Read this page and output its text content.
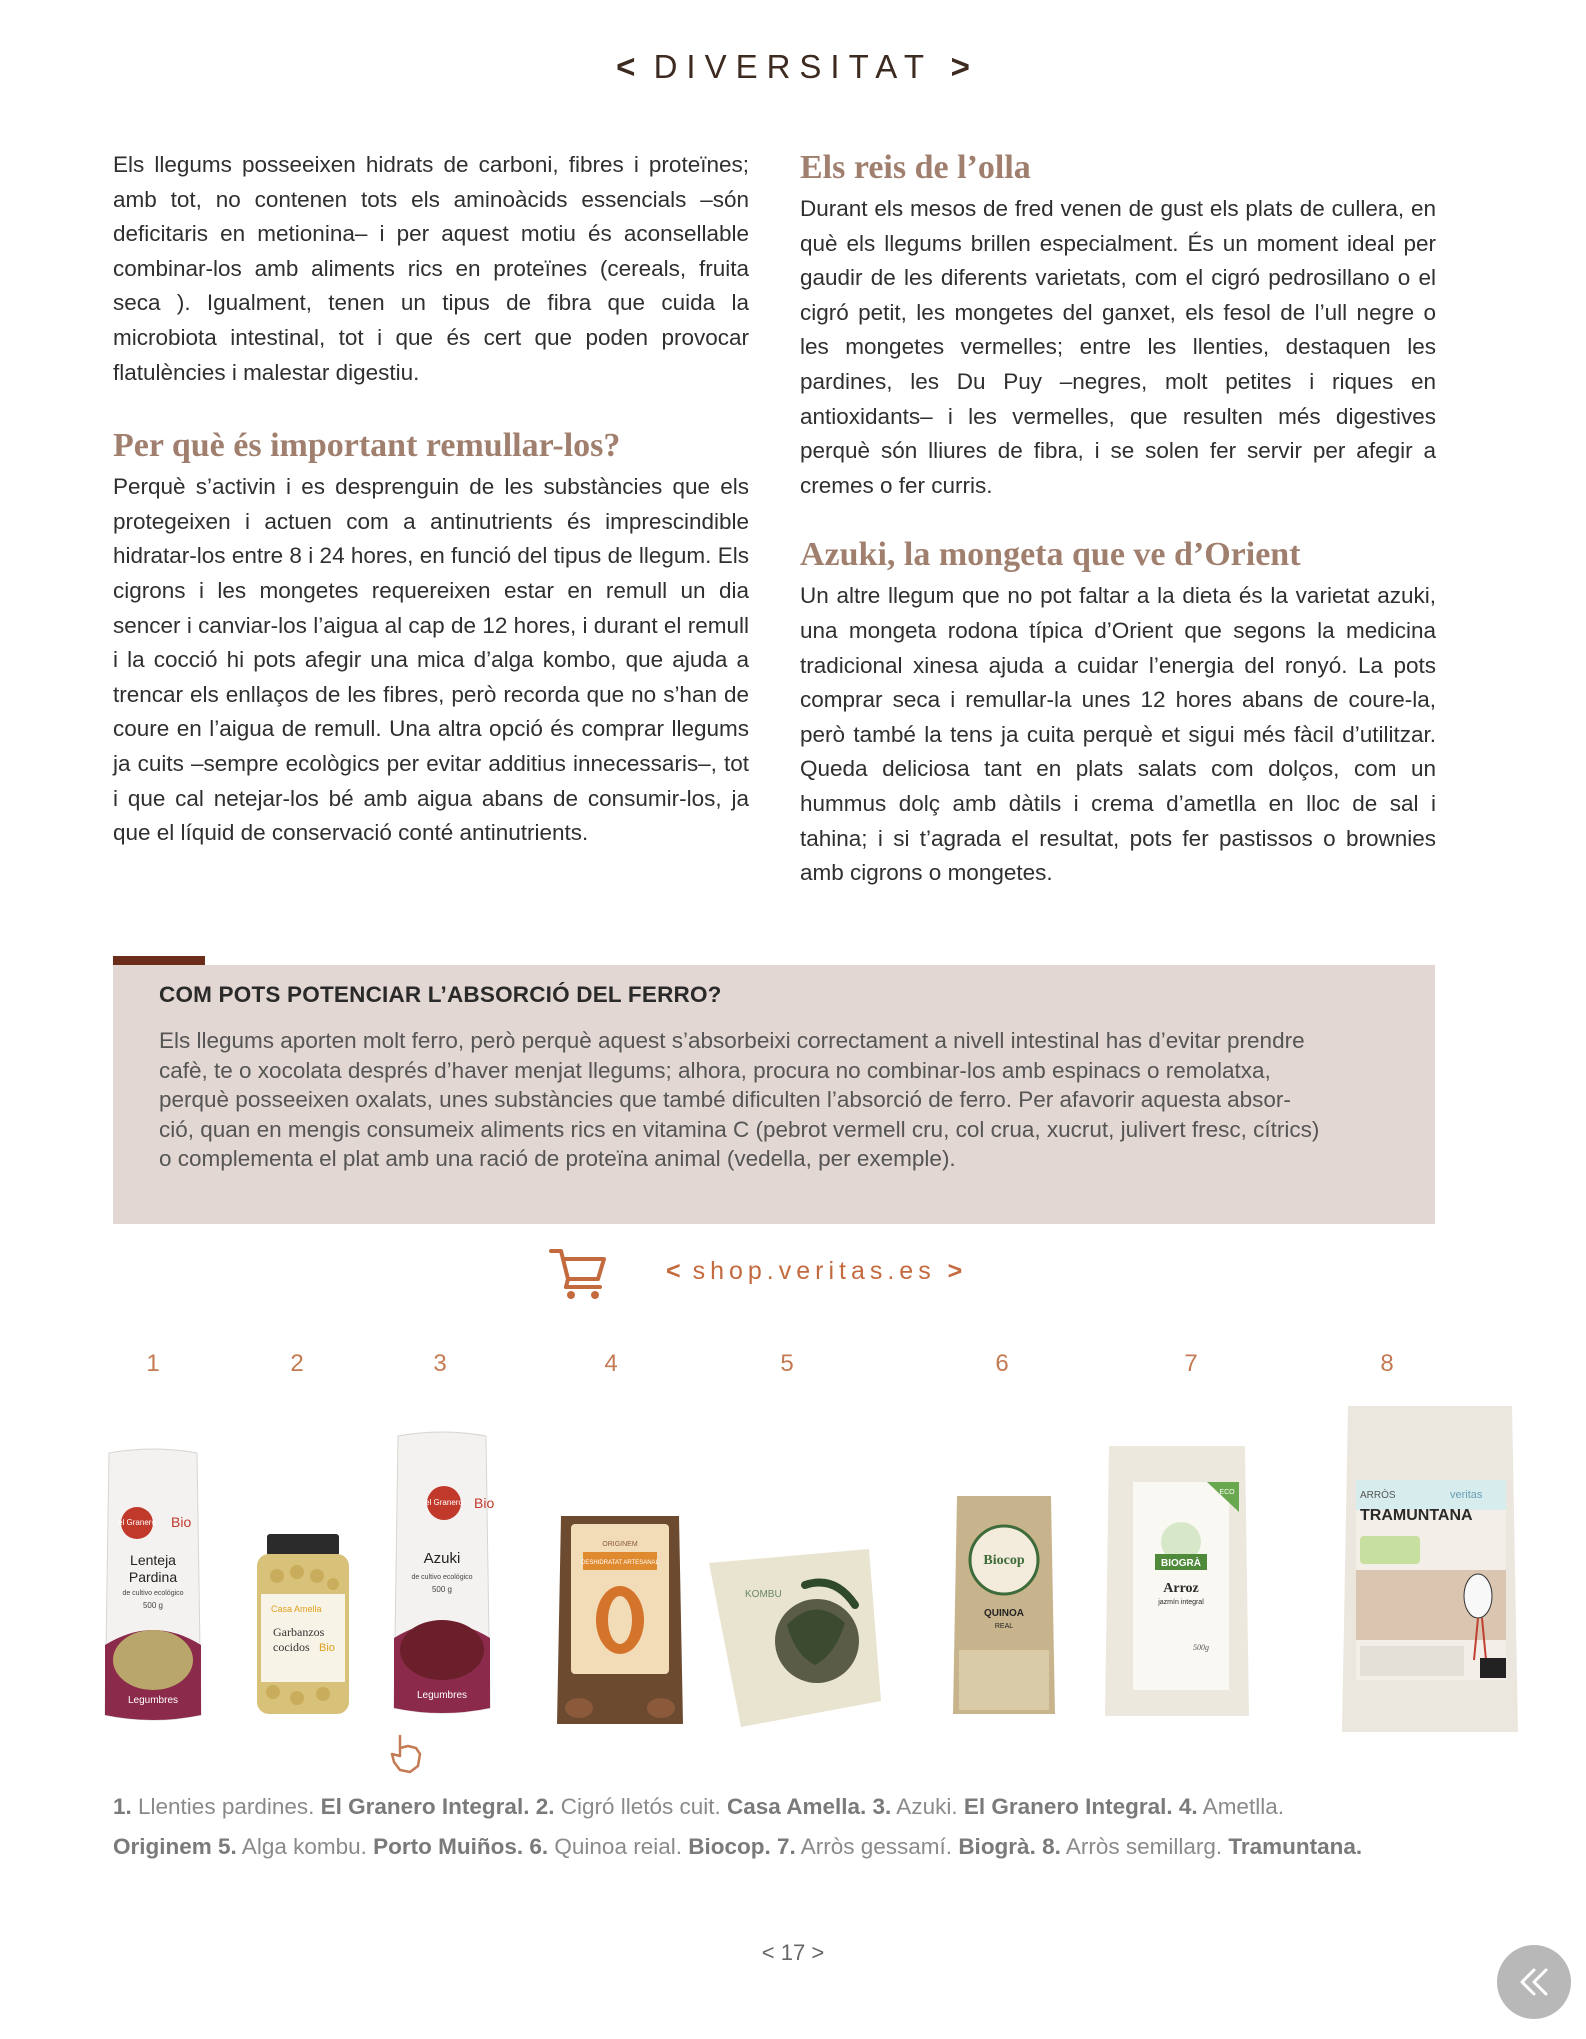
< DIVERSITAT >

Els llegums posseeixen hidrats de carboni, fibres i proteïnes; amb tot, no contenen tots els aminoàcids essencials –són deficitaris en metionina– i per aquest motiu és aconsellable combinar-los amb aliments rics en proteïnes (cereals, fruita seca ). Igualment, tenen un tipus de fibra que cuida la microbiota intestinal, tot i que és cert que poden provocar flatulències i malestar digestiu.

Per què és important remullar-los?

Perquè s’activin i es desprenguin de les substàncies que els protegeixen i actuen com a antinutrients és imprescindible hidratar-los entre 8 i 24 hores, en funció del tipus de llegum. Els cigrons i les mongetes requereixen estar en remull un dia sencer i canviar-los l’aigua al cap de 12 hores, i durant el remull i la cocció hi pots afegir una mica d’alga kombo, que ajuda a trencar els enllaços de les fibres, però recorda que no s’han de coure en l’aigua de remull. Una altra opció és comprar llegums ja cuits –sempre ecològics per evitar additius innecessaris–, tot i que cal netejar-los bé amb aigua abans de consumir-los, ja que el líquid de conservació conté antinutrients.

Els reis de l’olla

Durant els mesos de fred venen de gust els plats de cullera, en què els llegums brillen especialment. És un moment ideal per gaudir de les diferents varietats, com el cigró pedrosillano o el cigró petit, les mongetes del ganxet, els fesol de l’ull negre o les mongetes vermelles; entre les llenties, destaquen les pardines, les Du Puy –negres, molt petites i riques en antioxidants– i les vermelles, que resulten més digestives perquè són lliures de fibra, i se solen fer servir per afegir a cremes o fer curris.

Azuki, la mongeta que ve d’Orient

Un altre llegum que no pot faltar a la dieta és la varietat azuki, una mongeta rodona típica d’Orient que segons la medicina tradicional xinesa ajuda a cuidar l’energia del ronyó. La pots comprar seca i remullar-la unes 12 hores abans de coure-la, però també la tens ja cuita perquè et sigui més fàcil d’utilitzar. Queda deliciosa tant en plats salats com dolços, com un hummus dolç amb dàtils i crema d’ametlla en lloc de sal i tahina; i si t’agrada el resultat, pots fer pastissos o brownies amb cigrons o mongetes.

COM POTS POTENCIAR L’ABSORCIÓ DEL FERRO?

Els llegums aporten molt ferro, però perquè aquest s’absorbeixi correctament a nivell intestinal has d’evitar prendre
cafè, te o xocolata després d’haver menjat llegums; alhora, procura no combinar-los amb espinacs o remolatxa,
perquè posseeixen oxalats, unes substàncies que també dificulten l’absorció de ferro. Per afavorir aquesta absor-
ció, quan en mengis consumeix aliments rics en vitamina C (pebrot vermell cru, col crua, xucrut, julivert fresc, cítrics)
o complementa el plat amb una ració de proteïna animal (vedella, per exemple).

< shop.veritas.es >
1	2	3	4	5	6	7	8
el Granero Bio
Lenteja
Pardina
de cultivo ecológico
500 g
Legumbres
Casa Amella
Garbanzos
cocidos Bio
el Granero Bio
Azuki
de cultivo ecológico
500 g
Legumbres
ORIGINEM
DESHIDRATAT ARTESANAL
KOMBU
Biocop
QUINOA
REAL
ECO
BIOGRÀ
Arroz
jazmín integral
500g
ARRÒS	veritas
TRAMUNTANA
1. Llenties pardines. El Granero Integral. 2. Cigró lletós cuit. Casa Amella. 3. Azuki. El Granero Integral. 4. Ametlla.
Originem 5. Alga kombu. Porto Muiños. 6. Quinoa reial. Biocop. 7. Arròs gessamí. Biogrà. 8. Arròs semillarg. Tramuntana.
< 17 >
